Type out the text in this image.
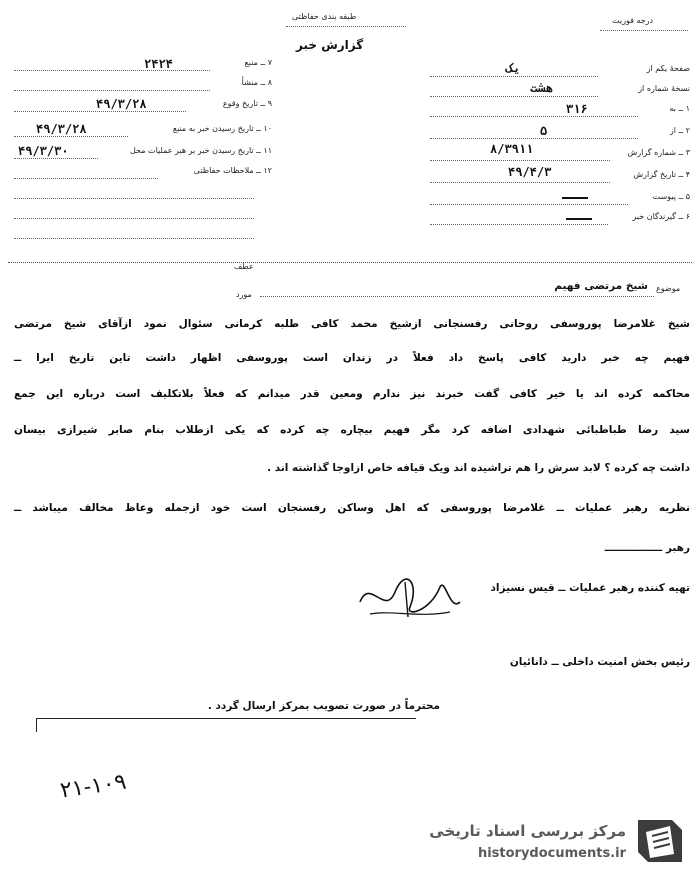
طبقه بندی حفاظتی	درجه فوریت
گزارش خبر
۷ ــ منبع
۲۴۲۴
۸ ــ منشأ
۹ ــ تاریخ وقوع
۴۹/۳/۲۸
۱۰ ــ تاریخ رسیدن خبر به منبع
۴۹/۳/۲۸
۱۱ ــ تاریخ رسیدن خبر بر هبر عملیات محل
۴۹/۳/۳۰
۱۲ ــ ملاحظات حفاظتی
صفحهٔ یکم از
یک
نسخهٔ شماره از
هشت
۱ ــ به
۳۱۶
۲ ــ از
۵
۳ ــ شماره گزارش
۸/۳۹۱۱
۴ ــ تاریخ گزارش
۴۹/۴/۳
۵ ــ پیوست
۶ ــ گیرندگان خبر
عطف
مورد
موضوع
شیخ مرتضی فهیم
شیخ غلامرضا پوروسفی روحانی رفسنجانی ازشیخ محمد کافی طلبه کرمانی سئوال نمود ازآقای شیخ مرتضی
فهیم چه خبر دارید کافی پاسخ داد فعلاً در زندان است پوروسفی اظهار داشت تاین تاریخ ایرا ــ
محاکمه کرده اند یا خیر کافی گفت خبرند نیز ندارم ومعین قدر میدانم که فعلاً بلاتکلیف است درباره این جمع
سید رضا طباطبائی شهدادی اضافه کرد مگر فهیم بیچاره چه کرده که یکی ازطلاب بنام صابر شیرازی بیسان
داشت چه کرده ؟ لابد سرش را هم تراشیده اند ویک قیافه خاص ازاوجا گذاشته اند .
نظریه رهبر عملیات ــ غلامرضا پوروسفی که اهل وساکن رفسنجان است خود ازجمله وعاظ مخالف میباشد ــ
رهبر ــــــــــــــــ
تهیه کننده رهبر عملیات ــ قیس نسیزاد
رئیس بخش امنیت داخلی ــ دانائیان
محترماً در صورت تصویب بمرکز ارسال گردد .
۲۱-۱۰۹
مرکز بررسی اسناد تاریخی
historydocuments.ir
